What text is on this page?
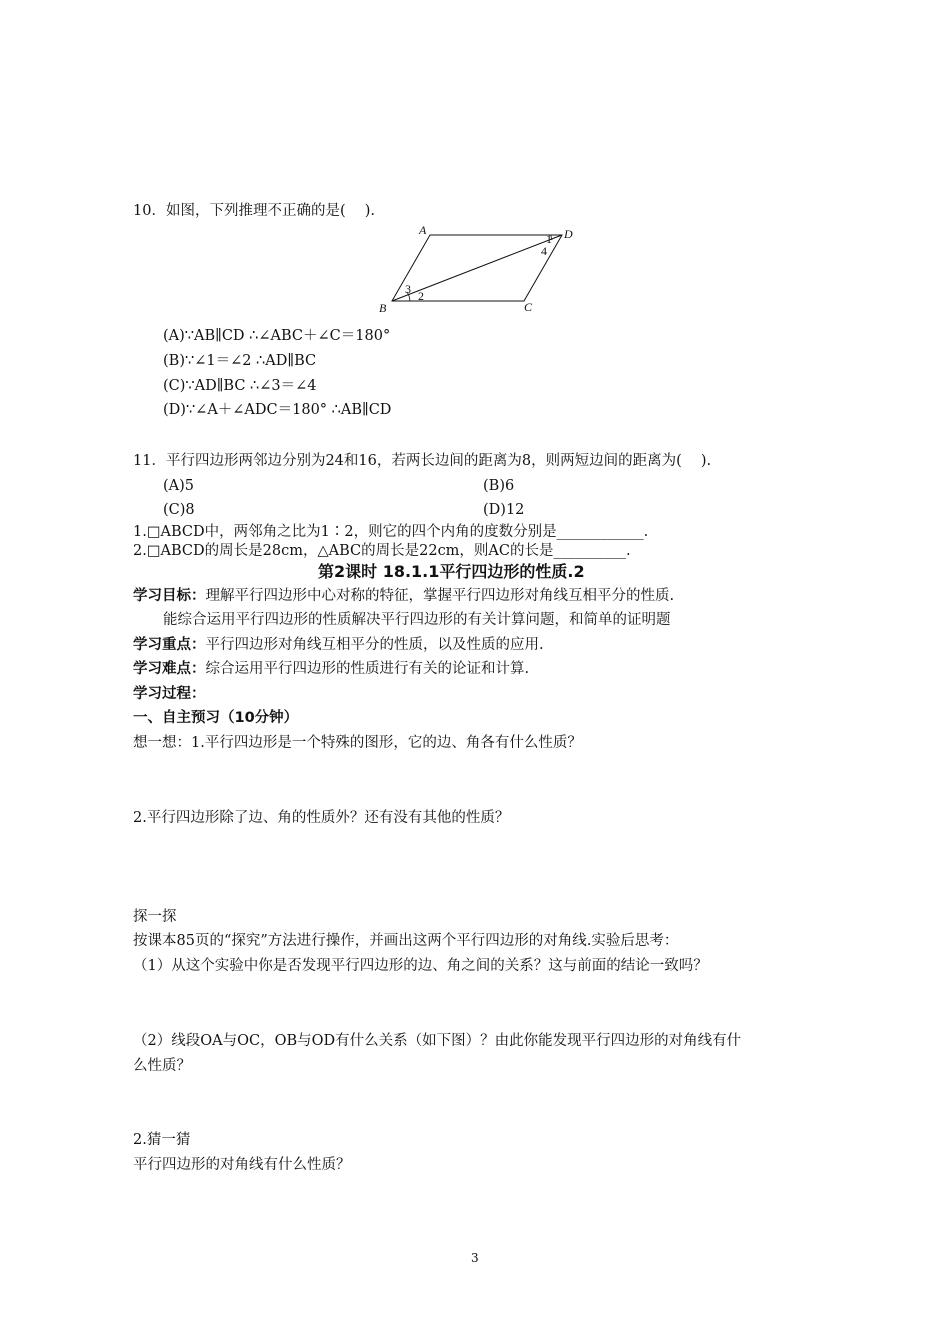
10．如图，下列推理不正确的是(　 ).
A	D
B	C
1
4
3 2
(A)∵AB∥CD ∴∠ABC＋∠C＝180°
(B)∵∠1＝∠2 ∴AD∥BC
(C)∵AD∥BC ∴∠3＝∠4
(D)∵∠A＋∠ADC＝180° ∴AB∥CD
11．平行四边形两邻边分别为24和16，若两长边间的距离为8，则两短边间的距离为(　 ).
(A)5	(B)6
(C)8	(D)12
1.□ABCD中，两邻角之比为1∶2，则它的四个内角的度数分别是____________.
2.□ABCD的周长是28cm，△ABC的周长是22cm，则AC的长是__________.
第2课时 18.1.1平行四边形的性质.2
学习目标：理解平行四边形中心对称的特征，掌握平行四边形对角线互相平分的性质.
能综合运用平行四边形的性质解决平行四边形的有关计算问题，和简单的证明题
学习重点：平行四边形对角线互相平分的性质，以及性质的应用.
学习难点：综合运用平行四边形的性质进行有关的论证和计算.
学习过程：
一、自主预习（10分钟）
想一想：1.平行四边形是一个特殊的图形，它的边、角各有什么性质？
2.平行四边形除了边、角的性质外？还有没有其他的性质？
探一探
按课本85页的“探究”方法进行操作，并画出这两个平行四边形的对角线.实验后思考：
（1）从这个实验中你是否发现平行四边形的边、角之间的关系？这与前面的结论一致吗？
（2）线段OA与OC，OB与OD有什么关系（如下图）？由此你能发现平行四边形的对角线有什
么性质？
2.猜一猜
平行四边形的对角线有什么性质？
3
